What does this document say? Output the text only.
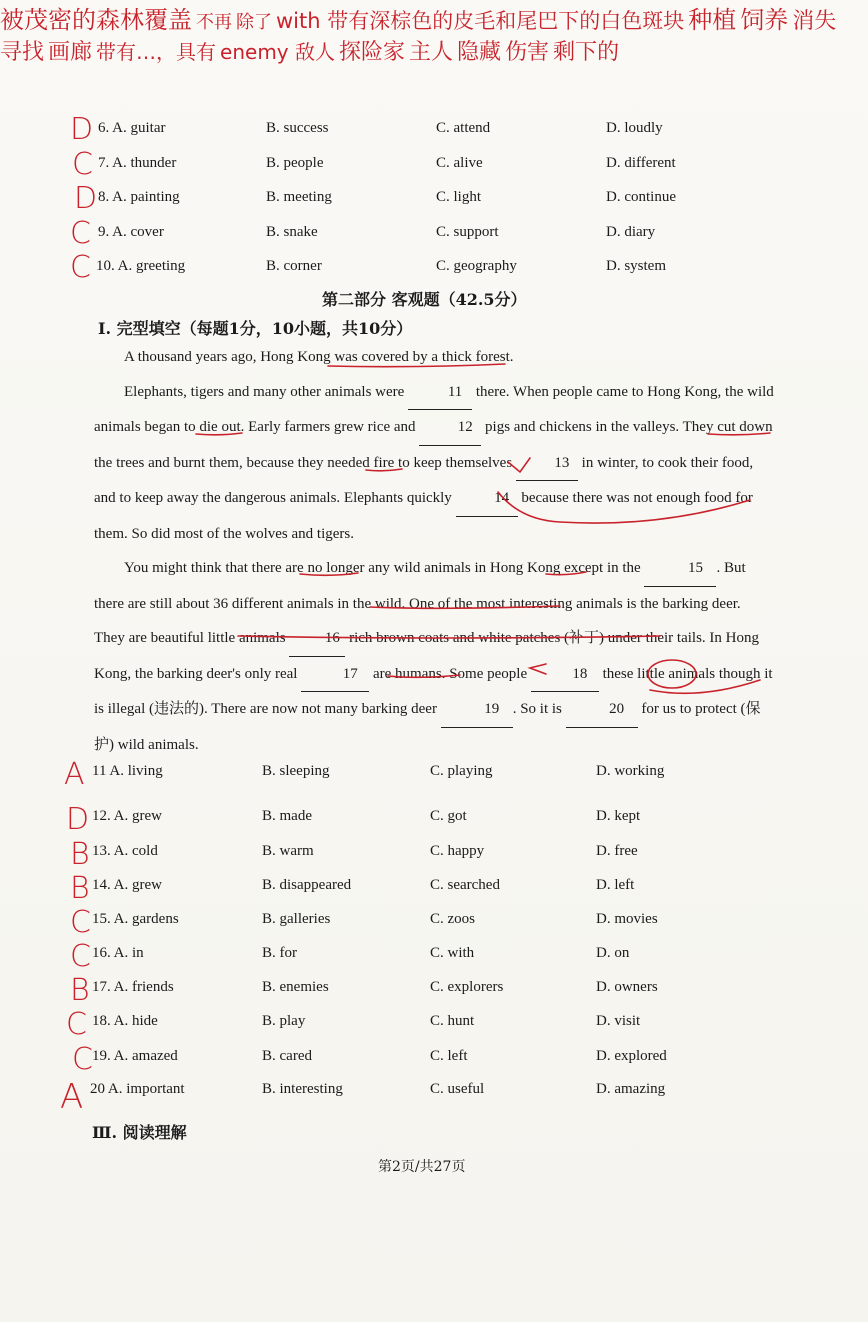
D 6. A. guitar	B. success	C. attend	D. loudly
C 7. A. thunder	B. people	C. alive	D. different
D 8. A. painting	B. meeting	C. light	D. continue
C 9. A. cover	B. snake	C. support	D. diary
C 10. A. greeting	B. corner	C. geography	D. system
第二部分 客观题（42.5分）
Ⅰ. 完型填空（每题1分，10小题，共10分）

A thousand years ago, Hong Kong was covered by a thick forest.

Elephants, tigers and many other animals were	11 there. When people came to Hong Kong, the wild animals began to die out. Early farmers grew rice and	12 pigs and chickens in the valleys. They cut down the trees and burnt them, because they needed fire to keep themselves	13 in winter, to cook their food, and to keep away the dangerous animals. Elephants quickly	14 because there was not enough food for them. So did most of the wolves and tigers.

You might think that there are no longer any wild animals in Hong Kong except in the	15 . But there are still about 36 different animals in the wild. One of the most interesting animals is the barking deer. They are beautiful little animals	16 rich brown coats and white patches (补丁) under their tails. In Hong Kong, the barking deer's only real	17 are humans. Some people	18 these little animals though it is illegal (违法的). There are now not many barking deer	19 . So it is	20 for us to protect (保护) wild animals.

被茂密的森林覆盖 不再 除了 with 带有深棕色的皮毛和尾巴下的白色斑块
A 11 A. living	B. sleeping	C. playing	D. working
D 12. A. grew	B. made	C. got	D. kept
B 13. A. cold	B. warm	C. happy	D. free
B 14. A. grew	B. disappeared	C. searched	D. left
C 15. A. gardens	B. galleries	C. zoos	D. movies
C 16. A. in	B. for	C. with	D. on
B 17. A. friends	B. enemies	C. explorers	D. owners
C 18. A. hide	B. play	C. hunt	D. visit
C 19. A. amazed	B. cared	C. left	D. explored
A 20 A. important	B. interesting	C. useful	D. amazing
种植 饲养 消失 寻找 画廊 带有…，具有 enemy 敌人 探险家 主人 隐藏 伤害 剩下的
Ⅲ. 阅读理解
第2页/共27页
